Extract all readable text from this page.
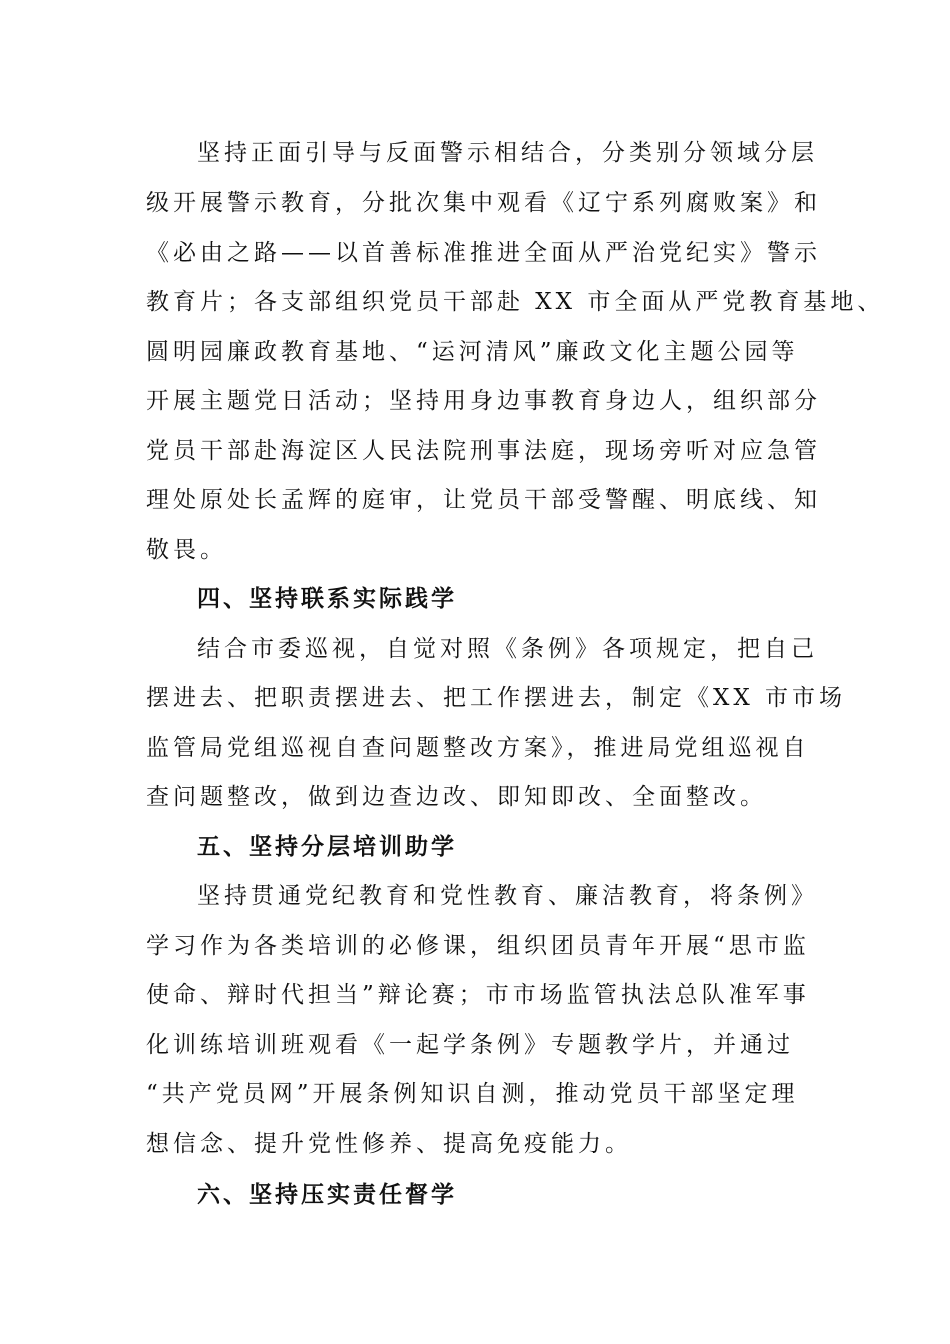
坚持正面引导与反面警示相结合，分类别分领域分层

级开展警示教育，分批次集中观看《辽宁系列腐败案》和

《必由之路——以首善标准推进全面从严治党纪实》警示

教育片；各支部组织党员干部赴 XX 市全面从严党教育基地、

圆明园廉政教育基地、“运河清风”廉政文化主题公园等

开展主题党日活动；坚持用身边事教育身边人，组织部分

党员干部赴海淀区人民法院刑事法庭，现场旁听对应急管

理处原处长孟辉的庭审，让党员干部受警醒、明底线、知

敬畏。

四、坚持联系实际践学

结合市委巡视，自觉对照《条例》各项规定，把自己

摆进去、把职责摆进去、把工作摆进去，制定《XX 市市场

监管局党组巡视自查问题整改方案》，推进局党组巡视自

查问题整改，做到边查边改、即知即改、全面整改。

五、坚持分层培训助学

坚持贯通党纪教育和党性教育、廉洁教育，将条例》

学习作为各类培训的必修课，组织团员青年开展“思市监

使命、辩时代担当”辩论赛；市市场监管执法总队准军事

化训练培训班观看《一起学条例》专题教学片，并通过

“共产党员网”开展条例知识自测，推动党员干部坚定理

想信念、提升党性修养、提高免疫能力。

六、坚持压实责任督学
